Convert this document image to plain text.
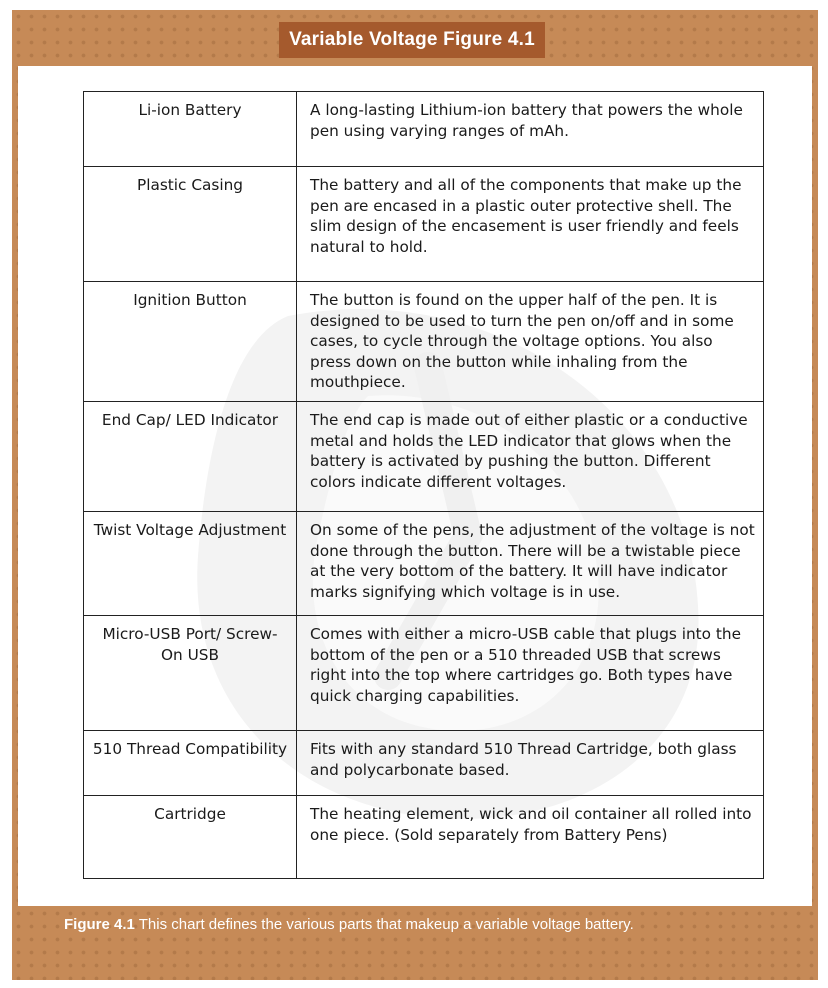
Variable Voltage Figure 4.1
Li-ion Battery	A long-lasting Lithium-ion battery that powers the whole pen using varying ranges of mAh.
Plastic Casing	The battery and all of the components that make up the pen are encased in a plastic outer protective shell. The slim design of the encasement is user friendly and feels natural to hold.
Ignition Button	The button is found on the upper half of the pen. It is designed to be used to turn the pen on/off and in some cases, to cycle through the voltage options. You also press down on the button while inhaling from the mouthpiece.
End Cap/ LED Indicator	The end cap is made out of either plastic or a conductive metal and holds the LED indicator that glows when the battery is activated by pushing the button. Different colors indicate different voltages.
Twist Voltage Adjustment	On some of the pens, the adjustment of the voltage is not done through the button. There will be a twistable piece at the very bottom of the battery. It will have indicator marks signifying which voltage is in use.
Micro-USB Port/ Screw-On USB	Comes with either a micro-USB cable that plugs into the bottom of the pen or a 510 threaded USB that screws right into the top where cartridges go. Both types have quick charging capabilities.
510 Thread Compatibility	Fits with any standard 510 Thread Cartridge, both glass and polycarbonate based.
Cartridge	The heating element, wick and oil container all rolled into one piece. (Sold separately from Battery Pens)
Figure 4.1 This chart defines the various parts that makeup a variable voltage battery.
